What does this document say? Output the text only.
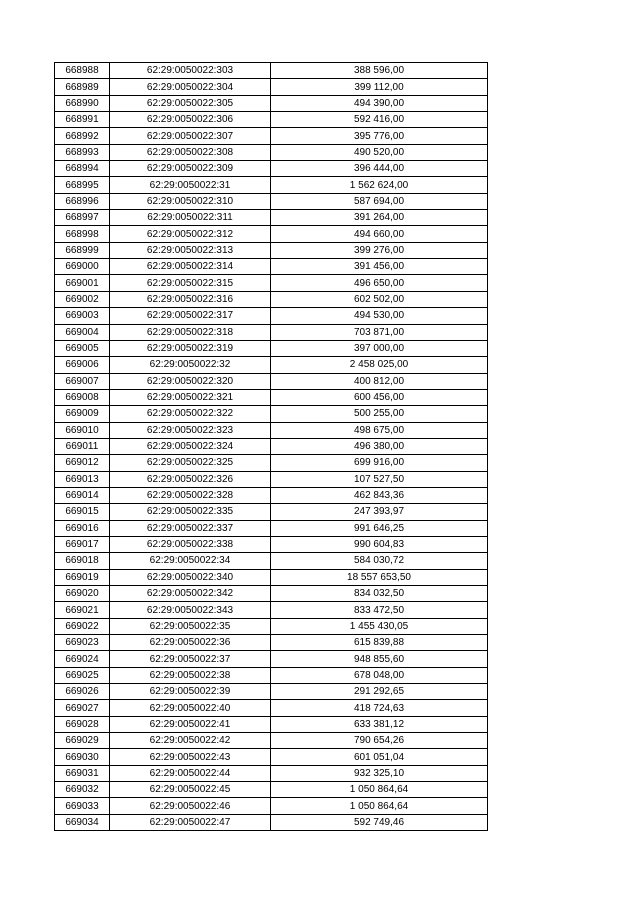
668988	62:29:0050022:303	388 596,00
668989	62:29:0050022:304	399 112,00
668990	62:29:0050022:305	494 390,00
668991	62:29:0050022:306	592 416,00
668992	62:29:0050022:307	395 776,00
668993	62:29:0050022:308	490 520,00
668994	62:29:0050022:309	396 444,00
668995	62:29:0050022:31	1 562 624,00
668996	62:29:0050022:310	587 694,00
668997	62:29:0050022:311	391 264,00
668998	62:29:0050022:312	494 660,00
668999	62:29:0050022:313	399 276,00
669000	62:29:0050022:314	391 456,00
669001	62:29:0050022:315	496 650,00
669002	62:29:0050022:316	602 502,00
669003	62:29:0050022:317	494 530,00
669004	62:29:0050022:318	703 871,00
669005	62:29:0050022:319	397 000,00
669006	62:29:0050022:32	2 458 025,00
669007	62:29:0050022:320	400 812,00
669008	62:29:0050022:321	600 456,00
669009	62:29:0050022:322	500 255,00
669010	62:29:0050022:323	498 675,00
669011	62:29:0050022:324	496 380,00
669012	62:29:0050022:325	699 916,00
669013	62:29:0050022:326	107 527,50
669014	62:29:0050022:328	462 843,36
669015	62:29:0050022:335	247 393,97
669016	62:29:0050022:337	991 646,25
669017	62:29:0050022:338	990 604,83
669018	62:29:0050022:34	584 030,72
669019	62:29:0050022:340	18 557 653,50
669020	62:29:0050022:342	834 032,50
669021	62:29:0050022:343	833 472,50
669022	62:29:0050022:35	1 455 430,05
669023	62:29:0050022:36	615 839,88
669024	62:29:0050022:37	948 855,60
669025	62:29:0050022:38	678 048,00
669026	62:29:0050022:39	291 292,65
669027	62:29:0050022:40	418 724,63
669028	62:29:0050022:41	633 381,12
669029	62:29:0050022:42	790 654,26
669030	62:29:0050022:43	601 051,04
669031	62:29:0050022:44	932 325,10
669032	62:29:0050022:45	1 050 864,64
669033	62:29:0050022:46	1 050 864,64
669034	62:29:0050022:47	592 749,46
